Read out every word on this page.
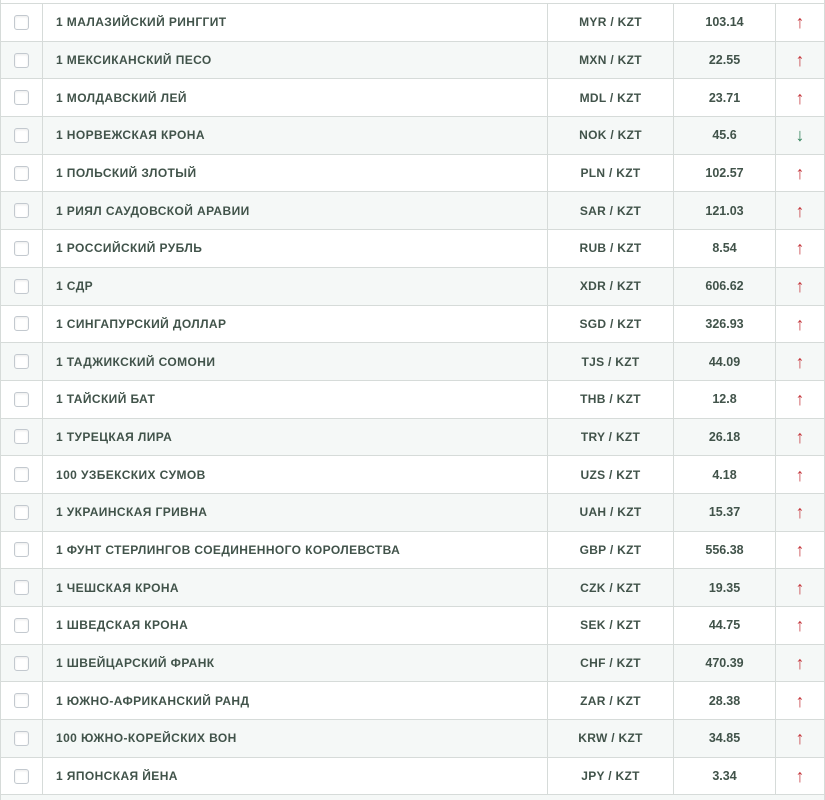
1 МАЛАЗИЙСКИЙ РИНГГИТ	MYR / KZT	103.14	↑
1 МЕКСИКАНСКИЙ ПЕСО	MXN / KZT	22.55	↑
1 МОЛДАВСКИЙ ЛЕЙ	MDL / KZT	23.71	↑
1 НОРВЕЖСКАЯ КРОНА	NOK / KZT	45.6	↓
1 ПОЛЬСКИЙ ЗЛОТЫЙ	PLN / KZT	102.57	↑
1 РИЯЛ САУДОВСКОЙ АРАВИИ	SAR / KZT	121.03	↑
1 РОССИЙСКИЙ РУБЛЬ	RUB / KZT	8.54	↑
1 СДР	XDR / KZT	606.62	↑
1 СИНГАПУРСКИЙ ДОЛЛАР	SGD / KZT	326.93	↑
1 ТАДЖИКСКИЙ СОМОНИ	TJS / KZT	44.09	↑
1 ТАЙСКИЙ БАТ	THB / KZT	12.8	↑
1 ТУРЕЦКАЯ ЛИРА	TRY / KZT	26.18	↑
100 УЗБЕКСКИХ СУМОВ	UZS / KZT	4.18	↑
1 УКРАИНСКАЯ ГРИВНА	UAH / KZT	15.37	↑
1 ФУНТ СТЕРЛИНГОВ СОЕДИНЕННОГО КОРОЛЕВСТВА	GBP / KZT	556.38	↑
1 ЧЕШСКАЯ КРОНА	CZK / KZT	19.35	↑
1 ШВЕДСКАЯ КРОНА	SEK / KZT	44.75	↑
1 ШВЕЙЦАРСКИЙ ФРАНК	CHF / KZT	470.39	↑
1 ЮЖНО-АФРИКАНСКИЙ РАНД	ZAR / KZT	28.38	↑
100 ЮЖНО-КОРЕЙСКИХ ВОН	KRW / KZT	34.85	↑
1 ЯПОНСКАЯ ЙЕНА	JPY / KZT	3.34	↑
